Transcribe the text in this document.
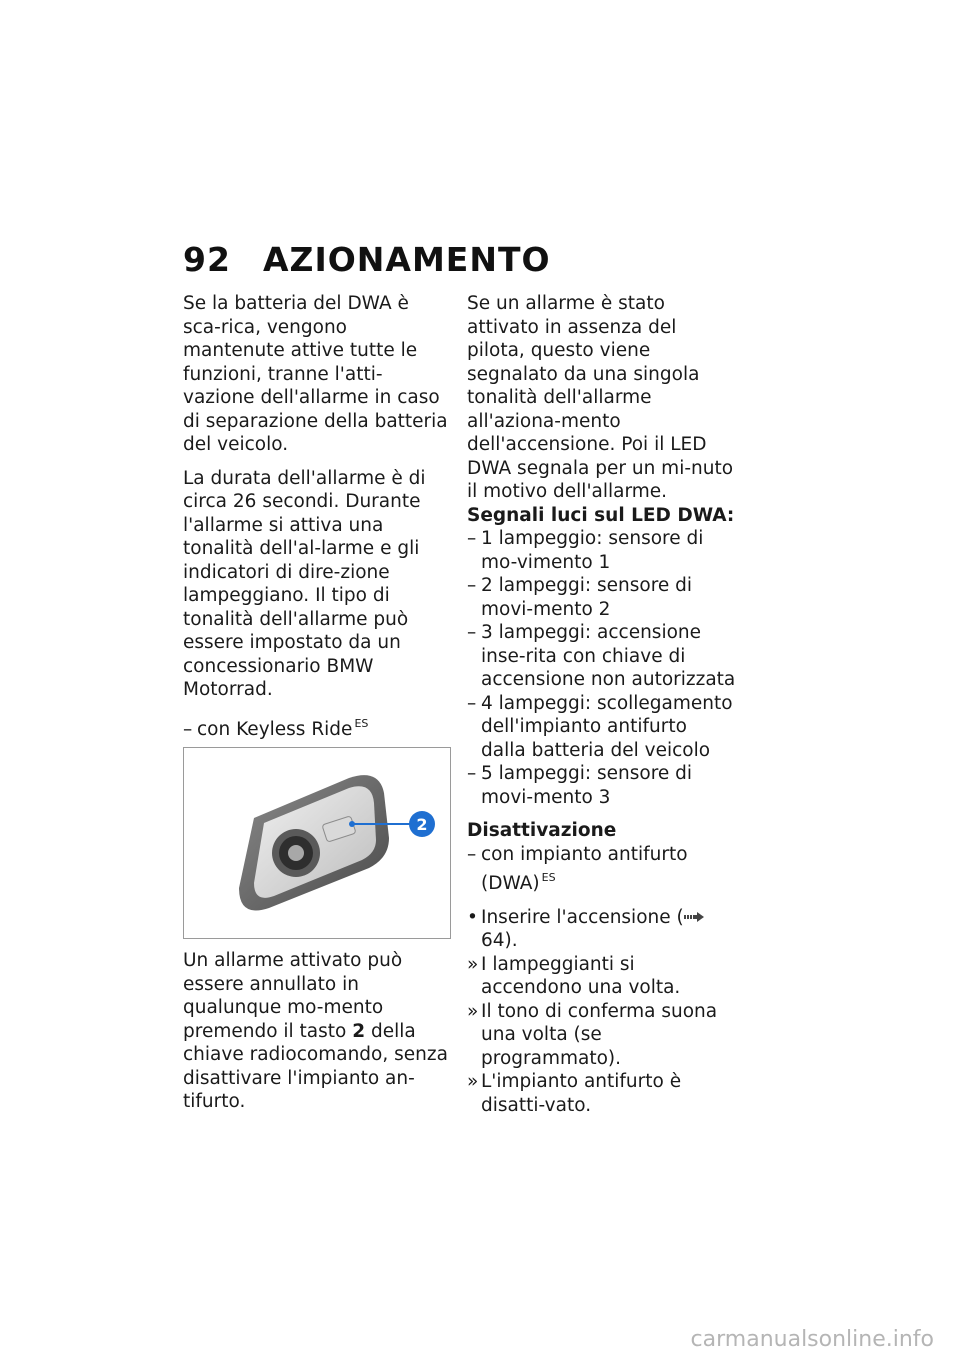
92 AZIONAMENTO

Se la batteria del DWA è sca-rica, vengono mantenute attive tutte le funzioni, tranne l'atti-vazione dell'allarme in caso di separazione della batteria del veicolo.

La durata dell'allarme è di circa 26 secondi. Durante l'allarme si attiva una tonalità dell'al-larme e gli indicatori di dire-zione lampeggiano. Il tipo di tonalità dell'allarme può essere impostato da un concessionario BMW Motorrad.

– con Keyless Ride $^{ES}$
2

Un allarme attivato può essere annullato in qualunque mo-mento premendo il tasto 2 della chiave radiocomando, senza disattivare l'impianto an-tifurto.

Se un allarme è stato attivato in assenza del pilota, questo viene segnalato da una singola tonalità dell'allarme all'aziona-mento dell'accensione. Poi il LED DWA segnala per un mi-nuto il motivo dell'allarme.

Segnali luci sul LED DWA:
– 1 lampeggio: sensore di mo-vimento 1
– 2 lampeggi: sensore di movi-mento 2
– 3 lampeggi: accensione inse-rita con chiave di accensione non autorizzata
– 4 lampeggi: scollegamento dell'impianto antifurto dalla batteria del veicolo
– 5 lampeggi: sensore di movi-mento 3
Disattivazione
– con impianto antifurto (DWA) $^{ES}$
• Inserire l'accensione ( 64).
» I lampeggianti si accendono una volta.
» Il tono di conferma suona una volta (se programmato).
» L'impianto antifurto è disatti-vato.
carmanualsonline.info
